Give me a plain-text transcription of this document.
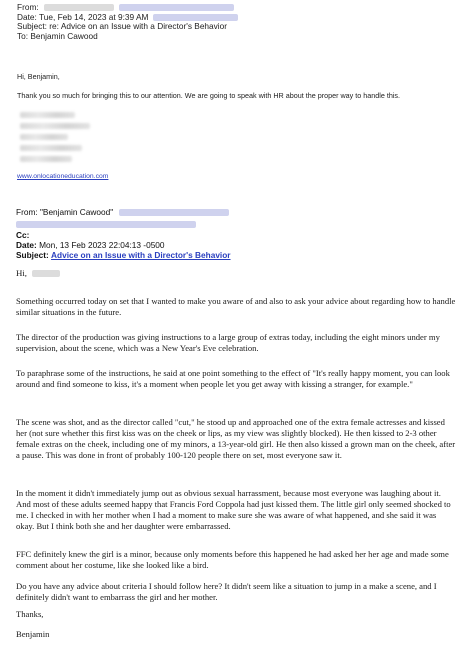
From:
Date: Tue, Feb 14, 2023 at 9:39 AM
Subject: re: Advice on an Issue with a Director's Behavior
To: Benjamin Cawood
Hi, Benjamin,
Thank you so much for bringing this to our attention. We are going to speak with HR about the proper way to handle this.
www.onlocationeducation.com
From: "Benjamin Cawood"
Cc:
Date: Mon, 13 Feb 2023 22:04:13 -0500
Subject: Advice on an Issue with a Director's Behavior
Hi,

Something occurred today on set that I wanted to make you aware of and also to ask your advice about regarding how to handle similar situations in the future.

The director of the production was giving instructions to a large group of extras today, including the eight minors under my supervision, about the scene, which was a New Year's Eve celebration.

To paraphrase some of the instructions, he said at one point something to the effect of "It's really happy moment, you can look around and find someone to kiss, it's a moment when people let you get away with kissing a stranger, for example."

The scene was shot, and as the director called "cut," he stood up and approached one of the extra female actresses and kissed her (not sure whether this first kiss was on the cheek or lips, as my view was slightly blocked). He then kissed to 2-3 other female extras on the cheek, including one of my minors, a 13-year-old girl. He then also kissed a grown man on the cheek, after a pause. This was done in front of probably 100-120 people there on set, most everyone saw it.

In the moment it didn't immediately jump out as obvious sexual harrassment, because most everyone was laughing about it. And most of these adults seemed happy that Francis Ford Coppola had just kissed them. The little girl only seemed shocked to me. I checked in with her mother when I had a moment to make sure she was aware of what happened, and she said it was okay. But I think both she and her daughter were embarrassed.

FFC definitely knew the girl is a minor, because only moments before this happened he had asked her her age and made some comment about her costume, like she looked like a bird.

Do you have any advice about criteria I should follow here? It didn't seem like a situation to jump in a make a scene, and I definitely didn't want to embarrass the girl and her mother.

Thanks,

Benjamin
